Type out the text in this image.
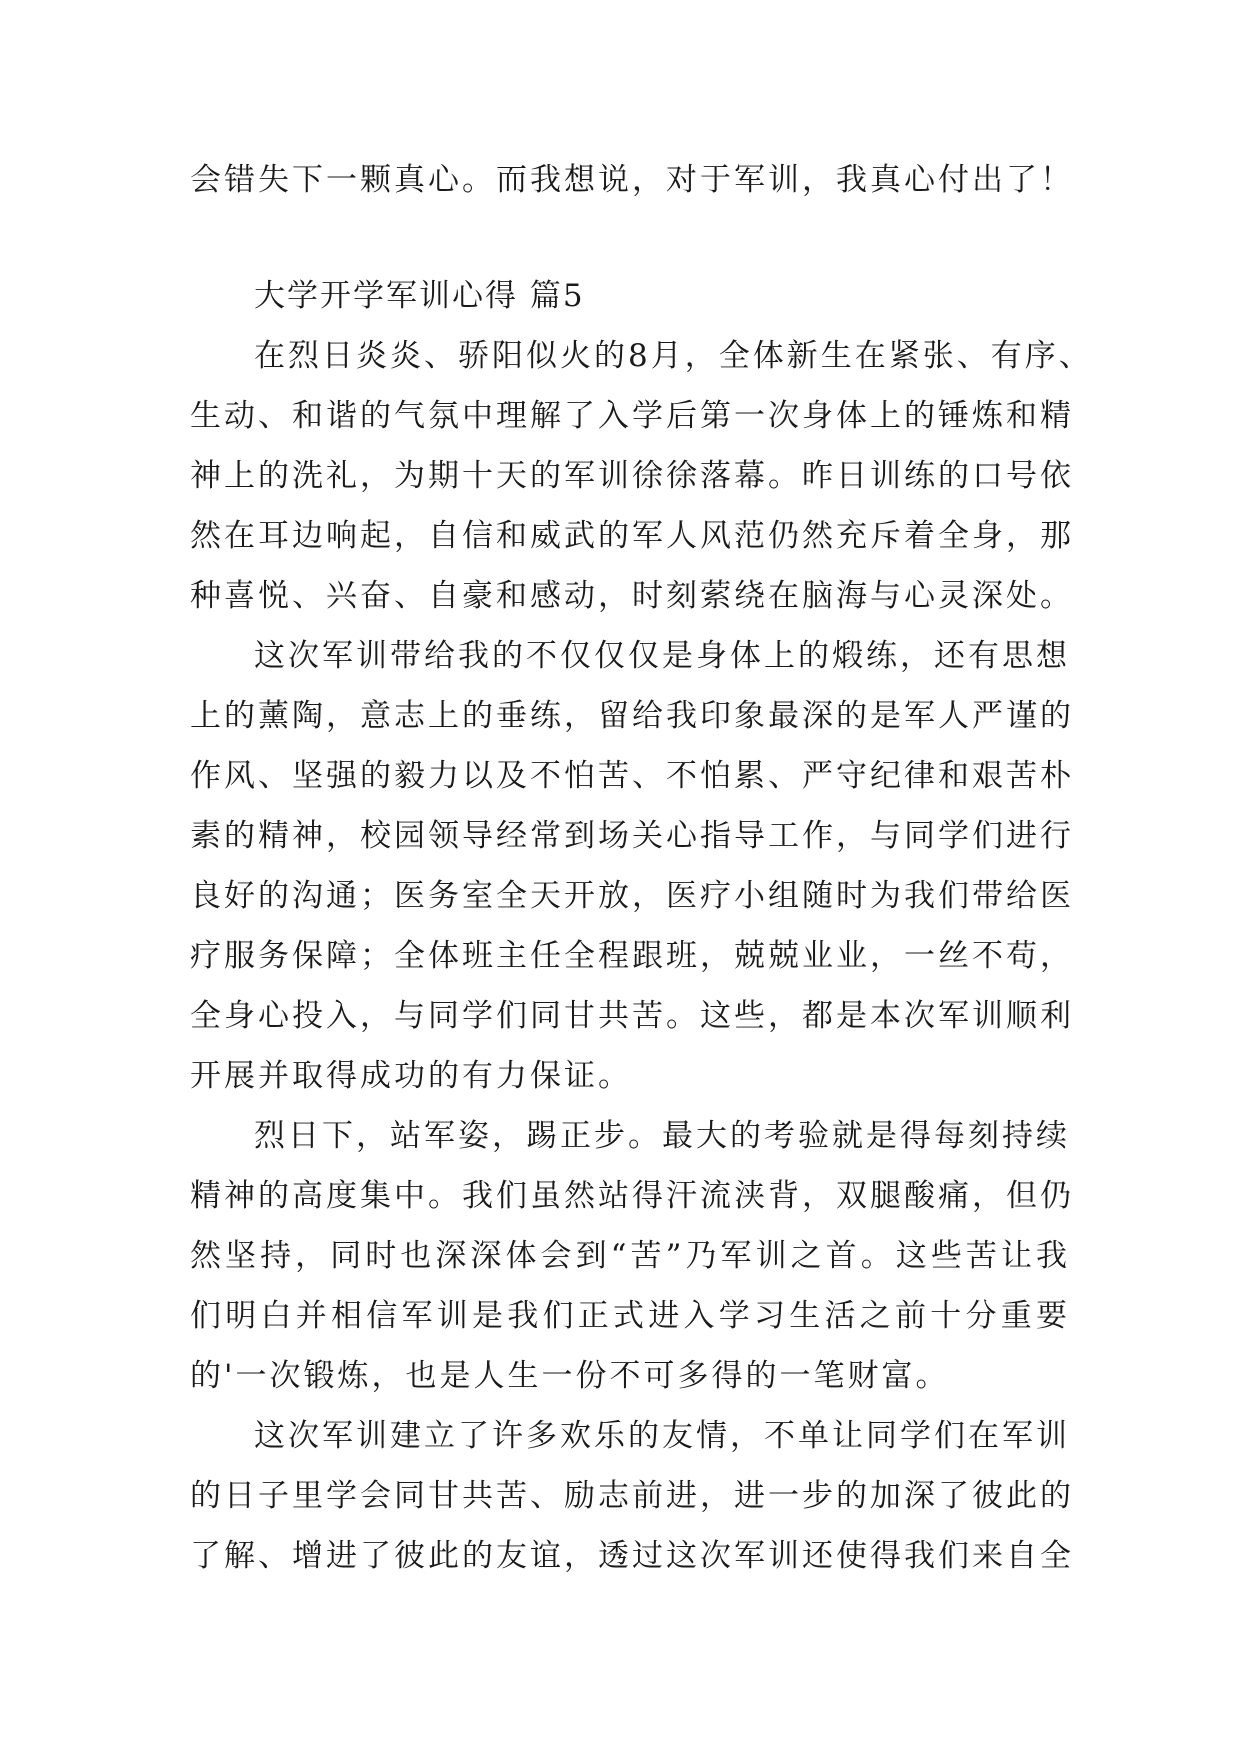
会错失下一颗真心。而我想说，对于军训，我真心付出了！
大学开学军训心得 篇5
在烈日炎炎、骄阳似火的8月，全体新生在紧张、有序、
生动、和谐的气氛中理解了入学后第一次身体上的锤炼和精
神上的洗礼，为期十天的军训徐徐落幕。昨日训练的口号依
然在耳边响起，自信和威武的军人风范仍然充斥着全身，那
种喜悦、兴奋、自豪和感动，时刻萦绕在脑海与心灵深处。
这次军训带给我的不仅仅仅是身体上的煅练，还有思想
上的薰陶，意志上的垂练，留给我印象最深的是军人严谨的
作风、坚强的毅力以及不怕苦、不怕累、严守纪律和艰苦朴
素的精神，校园领导经常到场关心指导工作，与同学们进行
良好的沟通；医务室全天开放，医疗小组随时为我们带给医
疗服务保障；全体班主任全程跟班，兢兢业业，一丝不苟，
全身心投入，与同学们同甘共苦。这些，都是本次军训顺利
开展并取得成功的有力保证。
烈日下，站军姿，踢正步。最大的考验就是得每刻持续
精神的高度集中。我们虽然站得汗流浃背，双腿酸痛，但仍
然坚持，同时也深深体会到“苦”乃军训之首。这些苦让我
们明白并相信军训是我们正式进入学习生活之前十分重要
的'一次锻炼，也是人生一份不可多得的一笔财富。
这次军训建立了许多欢乐的友情，不单让同学们在军训
的日子里学会同甘共苦、励志前进，进一步的加深了彼此的
了解、增进了彼此的友谊，透过这次军训还使得我们来自全
